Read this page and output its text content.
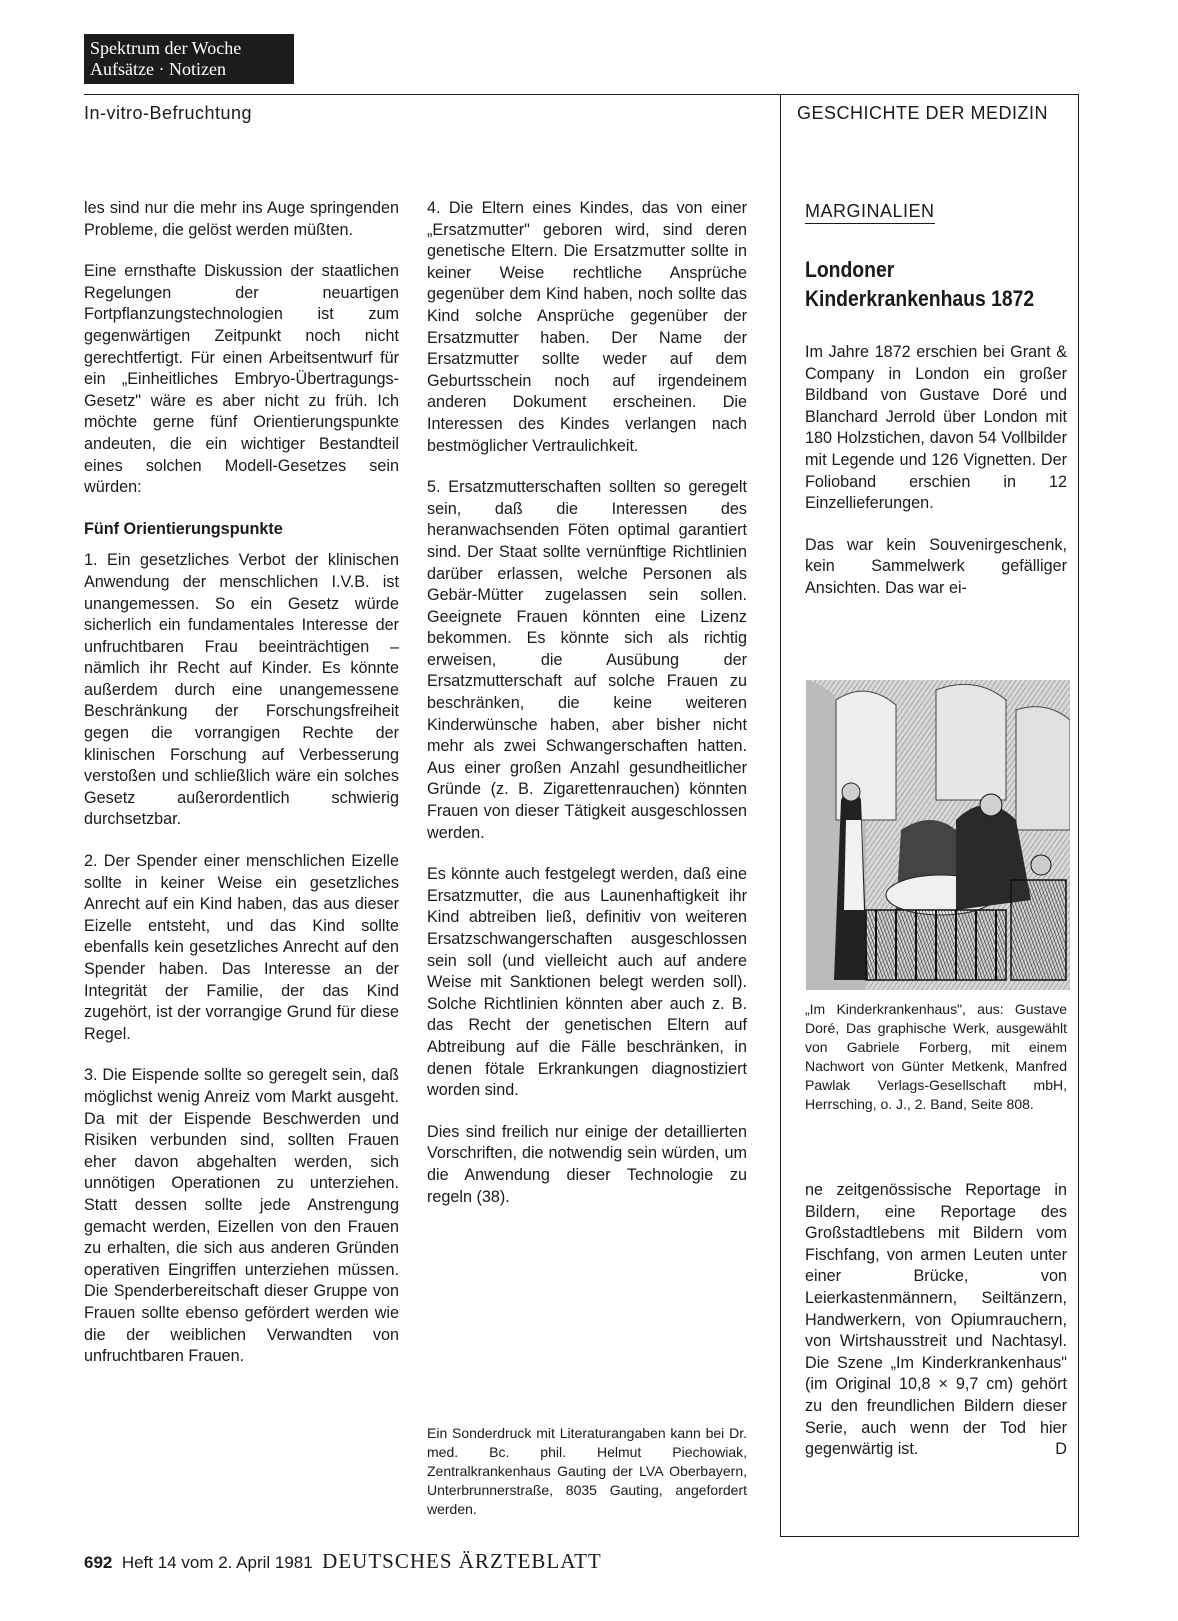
Spektrum der Woche
Aufsätze · Notizen
In-vitro-Befruchtung

les sind nur die mehr ins Auge springenden Probleme, die gelöst werden müßten.

Eine ernsthafte Diskussion der staatlichen Regelungen der neuartigen Fortpflanzungstechnologien ist zum gegenwärtigen Zeitpunkt noch nicht gerechtfertigt. Für einen Arbeitsentwurf für ein „Einheitliches Embryo-Übertragungs-Gesetz" wäre es aber nicht zu früh. Ich möchte gerne fünf Orientierungspunkte andeuten, die ein wichtiger Bestandteil eines solchen Modell-Gesetzes sein würden:

Fünf Orientierungspunkte

1. Ein gesetzliches Verbot der klinischen Anwendung der menschlichen I.V.B. ist unangemessen. So ein Gesetz würde sicherlich ein fundamentales Interesse der unfruchtbaren Frau beeinträchtigen – nämlich ihr Recht auf Kinder. Es könnte außerdem durch eine unangemessene Beschränkung der Forschungsfreiheit gegen die vorrangigen Rechte der klinischen Forschung auf Verbesserung verstoßen und schließlich wäre ein solches Gesetz außerordentlich schwierig durchsetzbar.

2. Der Spender einer menschlichen Eizelle sollte in keiner Weise ein gesetzliches Anrecht auf ein Kind haben, das aus dieser Eizelle entsteht, und das Kind sollte ebenfalls kein gesetzliches Anrecht auf den Spender haben. Das Interesse an der Integrität der Familie, der das Kind zugehört, ist der vorrangige Grund für diese Regel.

3. Die Eispende sollte so geregelt sein, daß möglichst wenig Anreiz vom Markt ausgeht. Da mit der Eispende Beschwerden und Risiken verbunden sind, sollten Frauen eher davon abgehalten werden, sich unnötigen Operationen zu unterziehen. Statt dessen sollte jede Anstrengung gemacht werden, Eizellen von den Frauen zu erhalten, die sich aus anderen Gründen operativen Eingriffen unterziehen müssen. Die Spenderbereitschaft dieser Gruppe von Frauen sollte ebenso gefördert werden wie die der weiblichen Verwandten von unfruchtbaren Frauen.

4. Die Eltern eines Kindes, das von einer „Ersatzmutter" geboren wird, sind deren genetische Eltern. Die Ersatzmutter sollte in keiner Weise rechtliche Ansprüche gegenüber dem Kind haben, noch sollte das Kind solche Ansprüche gegenüber der Ersatzmutter haben. Der Name der Ersatzmutter sollte weder auf dem Geburtsschein noch auf irgendeinem anderen Dokument erscheinen. Die Interessen des Kindes verlangen nach bestmöglicher Vertraulichkeit.

5. Ersatzmutterschaften sollten so geregelt sein, daß die Interessen des heranwachsenden Föten optimal garantiert sind. Der Staat sollte vernünftige Richtlinien darüber erlassen, welche Personen als Gebär-Mütter zugelassen sein sollen. Geeignete Frauen könnten eine Lizenz bekommen. Es könnte sich als richtig erweisen, die Ausübung der Ersatzmutterschaft auf solche Frauen zu beschränken, die keine weiteren Kinderwünsche haben, aber bisher nicht mehr als zwei Schwangerschaften hatten. Aus einer großen Anzahl gesundheitlicher Gründe (z. B. Zigarettenrauchen) könnten Frauen von dieser Tätigkeit ausgeschlossen werden.

Es könnte auch festgelegt werden, daß eine Ersatzmutter, die aus Launenhaftigkeit ihr Kind abtreiben ließ, definitiv von weiteren Ersatzschwangerschaften ausgeschlossen sein soll (und vielleicht auch auf andere Weise mit Sanktionen belegt werden soll). Solche Richtlinien könnten aber auch z. B. das Recht der genetischen Eltern auf Abtreibung auf die Fälle beschränken, in denen fötale Erkrankungen diagnostiziert worden sind.

Dies sind freilich nur einige der detaillierten Vorschriften, die notwendig sein würden, um die Anwendung dieser Technologie zu regeln (38).

Ein Sonderdruck mit Literaturangaben kann bei Dr. med. Bc. phil. Helmut Piechowiak, Zentralkrankenhaus Gauting der LVA Oberbayern, Unterbrunnerstraße, 8035 Gauting, angefordert werden.
GESCHICHTE DER MEDIZIN
MARGINALIEN
Londoner
Kinderkrankenhaus 1872

Im Jahre 1872 erschien bei Grant & Company in London ein großer Bildband von Gustave Doré und Blanchard Jerrold über London mit 180 Holzstichen, davon 54 Vollbilder mit Legende und 126 Vignetten. Der Folioband erschien in 12 Einzellieferungen.

Das war kein Souvenirgeschenk, kein Sammelwerk gefälliger Ansichten. Das war ei-

„Im Kinderkrankenhaus", aus: Gustave Doré, Das graphische Werk, ausgewählt von Gabriele Forberg, mit einem Nachwort von Günter Metkenk, Manfred Pawlak Verlags-Gesellschaft mbH, Herrsching, o. J., 2. Band, Seite 808.

ne zeitgenössische Reportage in Bildern, eine Reportage des Großstadtlebens mit Bildern vom Fischfang, von armen Leuten unter einer Brücke, von Leierkastenmännern, Seiltänzern, Handwerkern, von Opiumrauchern, von Wirtshausstreit und Nachtasyl. Die Szene „Im Kinderkrankenhaus" (im Original 10,8 × 9,7 cm) gehört zu den freundlichen Bildern dieser Serie, auch wenn der Tod hier gegenwärtig ist.	D

692 Heft 14 vom 2. April 1981 DEUTSCHES ÄRZTEBLATT
